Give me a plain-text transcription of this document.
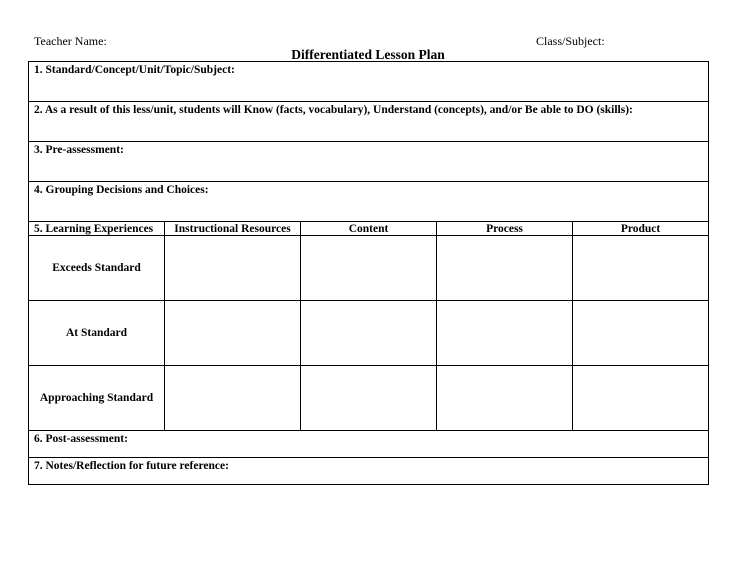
Teacher Name:	Class/Subject:
Differentiated Lesson Plan
1. Standard/Concept/Unit/Topic/Subject:				
2. As a result of this less/unit, students will Know (facts, vocabulary), Understand (concepts), and/or Be able to DO (skills):				
3. Pre-assessment:				
4. Grouping Decisions and Choices:				
5. Learning Experiences	Instructional Resources	Content	Process	Product
Exceeds Standard				
At Standard				
Approaching Standard				
6. Post-assessment:				
7. Notes/Reflection for future reference:				
